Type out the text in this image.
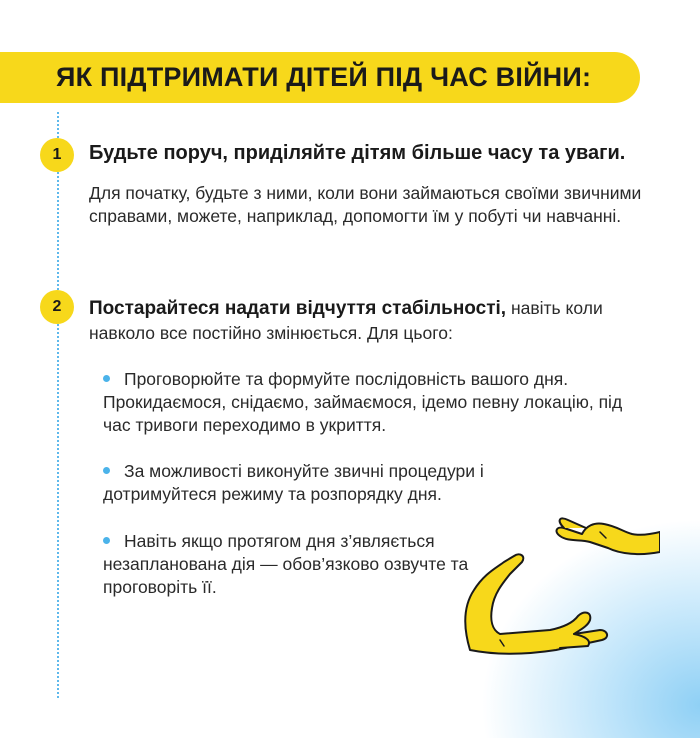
ЯК ПІДТРИМАТИ ДІТЕЙ ПІД ЧАС ВІЙНИ:
1	Будьте поруч, приділяйте дітям більше часу та уваги.

Для початку, будьте з ними, коли вони займаються своїми звичними справами, можете, наприклад, допомогти їм у побуті чи навчанні.

2	Постарайтеся надати відчуття стабільності, навіть коли навколо все постійно змінюється. Для цього:

Проговорюйте та формуйте послідовність вашого дня. Прокидаємося, снідаємо, займаємося, ідемо певну локацію, під час тривоги переходимо в укриття.

За можливості виконуйте звичні процедури і дотримуйтеся режиму та розпорядку дня.

Навіть якщо протягом дня з’являється незапланована дія — обов’язково озвучте та проговоріть її.
